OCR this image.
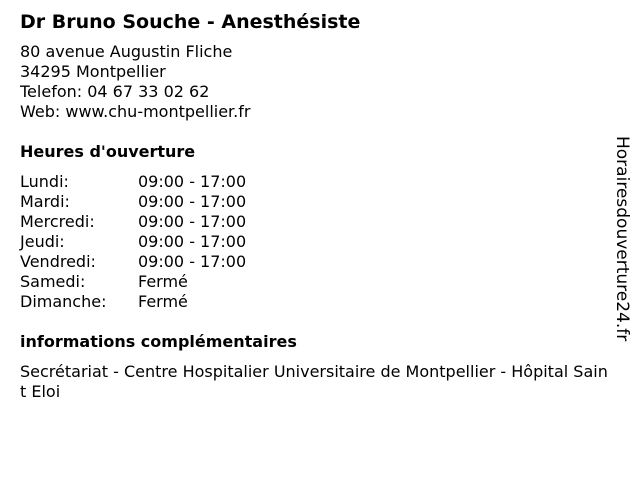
Dr Bruno Souche - Anesthésiste
80 avenue Augustin Fliche
34295 Montpellier
Telefon: 04 67 33 02 62
Web: www.chu-montpellier.fr
Heures d'ouverture
Lundi:	09:00 - 17:00
Mardi:	09:00 - 17:00
Mercredi:	09:00 - 17:00
Jeudi:	09:00 - 17:00
Vendredi:	09:00 - 17:00
Samedi:	Fermé
Dimanche:	Fermé
informations complémentaires
Secrétariat - Centre Hospitalier Universitaire de Montpellier - Hôpital Saint Eloi
Horairesdouverture24.fr
